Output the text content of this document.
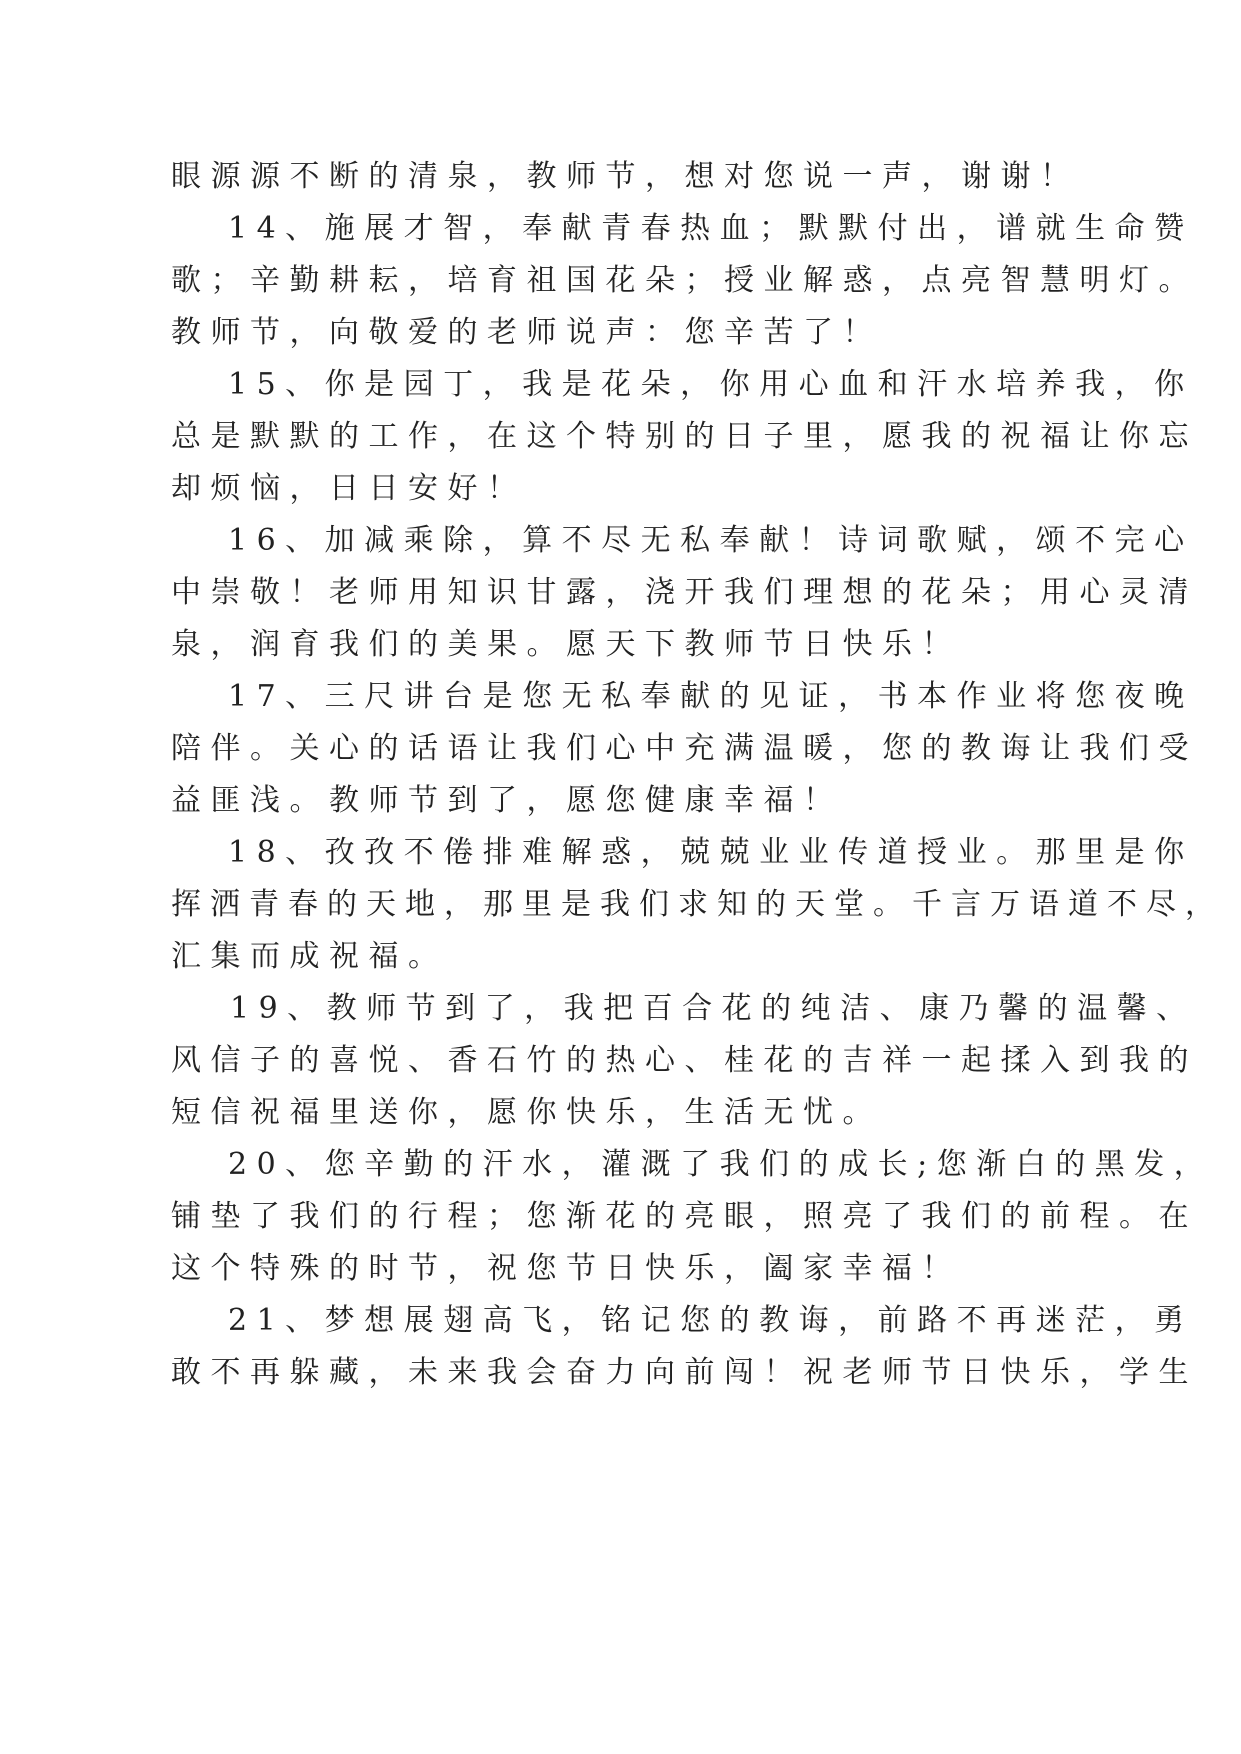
眼源源不断的清泉，教师节，想对您说一声，谢谢！
14、施展才智，奉献青春热血；默默付出，谱就生命赞
歌；辛勤耕耘，培育祖国花朵；授业解惑，点亮智慧明灯。
教师节，向敬爱的老师说声：您辛苦了！
15、你是园丁，我是花朵，你用心血和汗水培养我，你
总是默默的工作，在这个特别的日子里，愿我的祝福让你忘
却烦恼，日日安好！
16、加减乘除，算不尽无私奉献！诗词歌赋，颂不完心
中崇敬！老师用知识甘露，浇开我们理想的花朵；用心灵清
泉，润育我们的美果。愿天下教师节日快乐！
17、三尺讲台是您无私奉献的见证，书本作业将您夜晚
陪伴。关心的话语让我们心中充满温暖，您的教诲让我们受
益匪浅。教师节到了，愿您健康幸福！
18、孜孜不倦排难解惑，兢兢业业传道授业。那里是你
挥洒青春的天地，那里是我们求知的天堂。千言万语道不尽，
汇集而成祝福。
19、教师节到了，我把百合花的纯洁、康乃馨的温馨、
风信子的喜悦、香石竹的热心、桂花的吉祥一起揉入到我的
短信祝福里送你，愿你快乐，生活无忧。
20、您辛勤的汗水，灌溉了我们的成长;您渐白的黑发，
铺垫了我们的行程；您渐花的亮眼，照亮了我们的前程。在
这个特殊的时节，祝您节日快乐，阖家幸福！
21、梦想展翅高飞，铭记您的教诲，前路不再迷茫，勇
敢不再躲藏，未来我会奋力向前闯！祝老师节日快乐，学生
